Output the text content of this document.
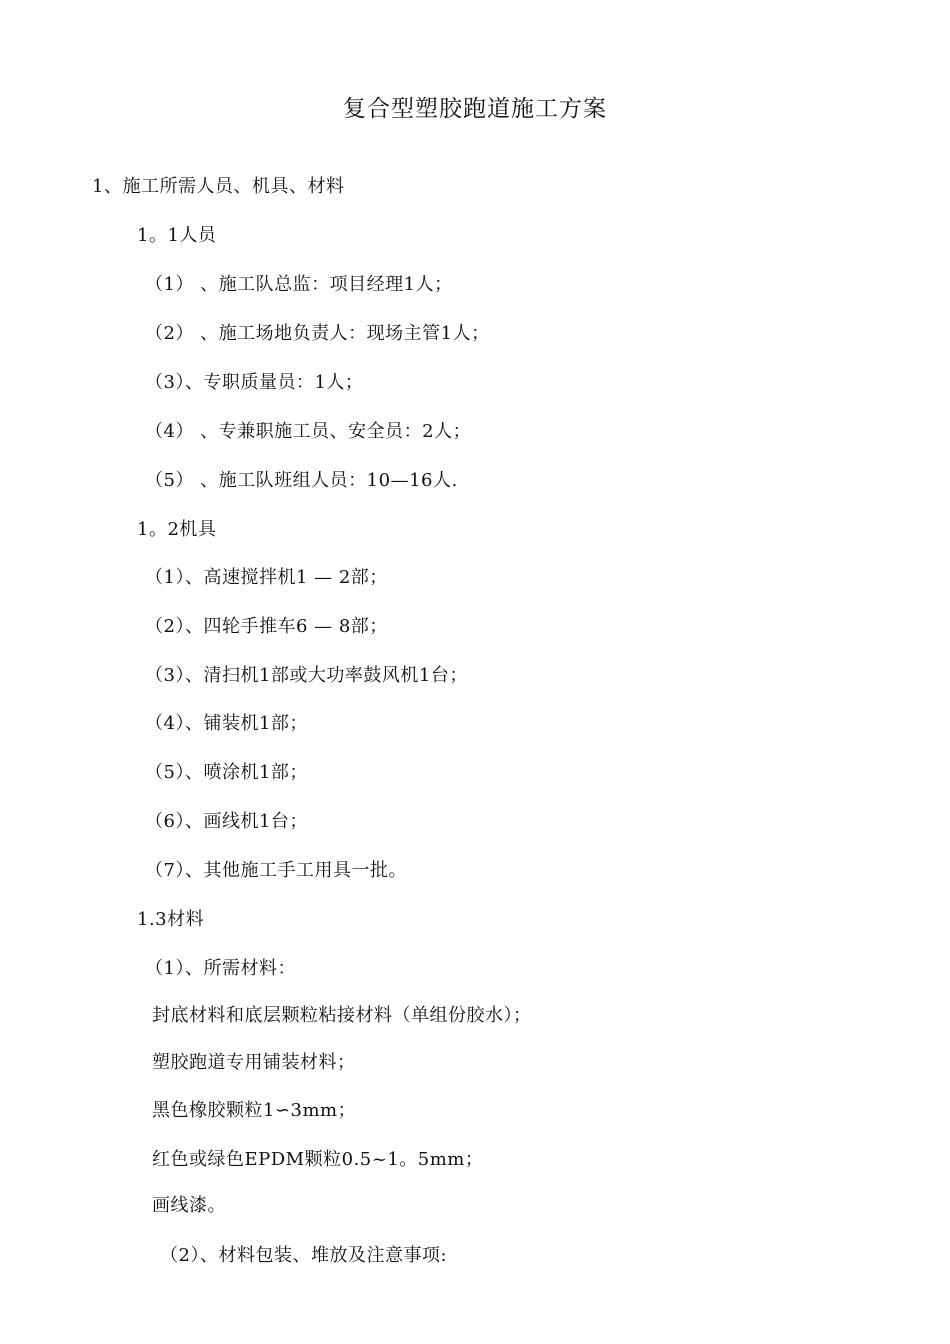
复合型塑胶跑道施工方案
1、施工所需人员、机具、材料
1。1人员
（1） 、施工队总监：项目经理1人；
（2） 、施工场地负责人：现场主管1人；
（3）、专职质量员：1人；
（4） 、专兼职施工员、安全员：2人；
（5） 、施工队班组人员：10—16人.
1。2机具
（1）、高速搅拌机1 — 2部；
（2）、四轮手推车6 — 8部；
（3）、清扫机1部或大功率鼓风机1台；
（4）、铺装机1部；
（5）、喷涂机1部；
（6）、画线机1台；
（7）、其他施工手工用具一批。
1.3材料
（1）、所需材料：
封底材料和底层颗粒粘接材料（单组份胶水）；
塑胶跑道专用铺装材料；
黑色橡胶颗粒1∽3mm；
红色或绿色EPDM颗粒0.5~1。5mm；
画线漆。
（2）、材料包装、堆放及注意事项:
